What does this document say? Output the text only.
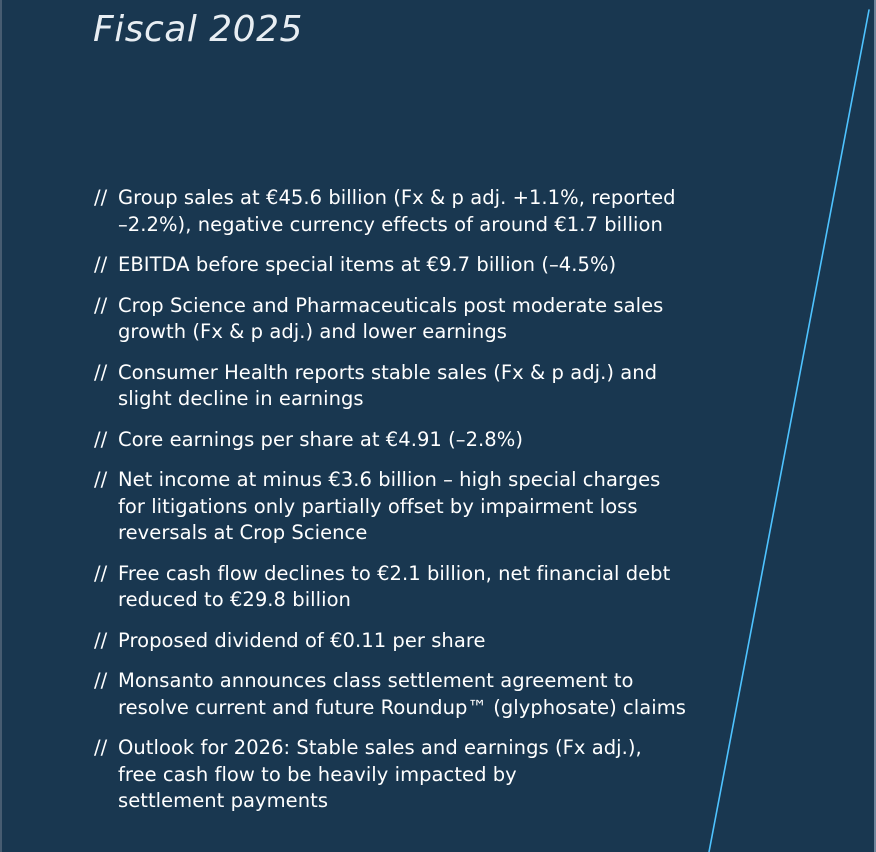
Fiscal 2025
// Group sales at €45.6 billion (Fx & p adj. +1.1%, reported
–2.2%), negative currency effects of around €1.7 billion
// EBITDA before special items at €9.7 billion (–4.5%)
// Crop Science and Pharmaceuticals post moderate sales
growth (Fx & p adj.) and lower earnings
// Consumer Health reports stable sales (Fx & p adj.) and
slight decline in earnings
// Core earnings per share at €4.91 (–2.8%)
// Net income at minus €3.6 billion – high special charges
for litigations only partially offset by impairment loss
reversals at Crop Science
// Free cash flow declines to €2.1 billion, net financial debt
reduced to €29.8 billion
// Proposed dividend of €0.11 per share
// Monsanto announces class settlement agreement to
resolve current and future Roundup™ (glyphosate) claims
// Outlook for 2026: Stable sales and earnings (Fx adj.),
free cash flow to be heavily impacted by
settlement payments
